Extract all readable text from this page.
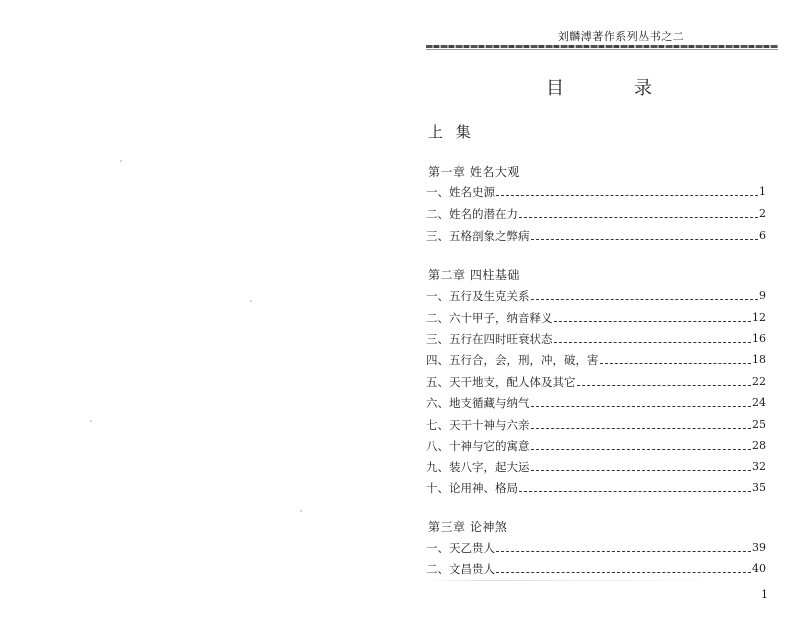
刘麟溥著作系列丛书之二
目	录
上 集
第一章 姓名大观
一、姓名史源	1
二、姓名的潜在力	2
三、五格剖象之弊病	6
第二章 四柱基础
一、五行及生克关系	9
二、六十甲子，纳音释义	12
三、五行在四时旺衰状态	16
四、五行合，会，刑，冲，破，害	18
五、天干地支，配人体及其它	22
六、地支循藏与纳气	24
七、天干十神与六亲	25
八、十神与它的寓意	28
九、装八字，起大运	32
十、论用神、格局	35
第三章 论神煞
一、天乙贵人	39
二、文昌贵人	40
1
